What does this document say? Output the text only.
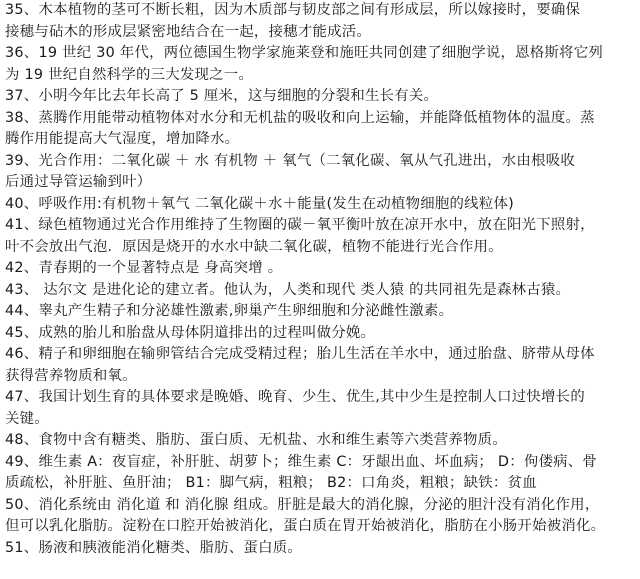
35、木本植物的茎可不断长粗，因为木质部与韧皮部之间有形成层，所以嫁接时，要确保
接穗与砧木的形成层紧密地结合在一起，接穗才能成活。
36、19 世纪 30 年代，两位德国生物学家施莱登和施旺共同创建了细胞学说，恩格斯将它列
为 19 世纪自然科学的三大发现之一。
37、小明今年比去年长高了 5 厘米，这与细胞的分裂和生长有关。
38、蒸腾作用能带动植物体对水分和无机盐的吸收和向上运输，并能降低植物体的温度。蒸
腾作用能提高大气湿度，增加降水。
39、光合作用：二氧化碳 ＋ 水 有机物 ＋ 氧气（二氧化碳、氧从气孔进出，水由根吸收
后通过导管运输到叶）
40、呼吸作用:有机物＋氧气 二氧化碳＋水＋能量(发生在动植物细胞的线粒体)
41、绿色植物通过光合作用维持了生物圈的碳－氧平衡叶放在凉开水中，放在阳光下照射，
叶不会放出气泡．原因是烧开的水水中缺二氧化碳，植物不能进行光合作用。
42、青春期的一个显著特点是 身高突增 。
43、 达尔文 是进化论的建立者。他认为，人类和现代 类人猿 的共同祖先是森林古猿。
44、睾丸产生精子和分泌雄性激素,卵巢产生卵细胞和分泌雌性激素。
45、成熟的胎儿和胎盘从母体阴道排出的过程叫做分娩。
46、精子和卵细胞在输卵管结合完成受精过程；胎儿生活在羊水中，通过胎盘、脐带从母体
获得营养物质和氧。
47、我国计划生育的具体要求是晚婚、晚育、少生、优生,其中少生是控制人口过快增长的
关键。
48、食物中含有糖类、脂肪、蛋白质、无机盐、水和维生素等六类营养物质。
49、维生素 A：夜盲症，补肝脏、胡萝卜；维生素 C：牙龈出血、坏血病； D：佝偻病、骨
质疏松，补肝脏、鱼肝油； B1：脚气病，粗粮； B2：口角炎，粗粮；缺铁：贫血
50、消化系统由 消化道 和 消化腺 组成。肝脏是最大的消化腺，分泌的胆汁没有消化作用，
但可以乳化脂肪。淀粉在口腔开始被消化，蛋白质在胃开始被消化，脂肪在小肠开始被消化。
51、肠液和胰液能消化糖类、脂肪、蛋白质。
